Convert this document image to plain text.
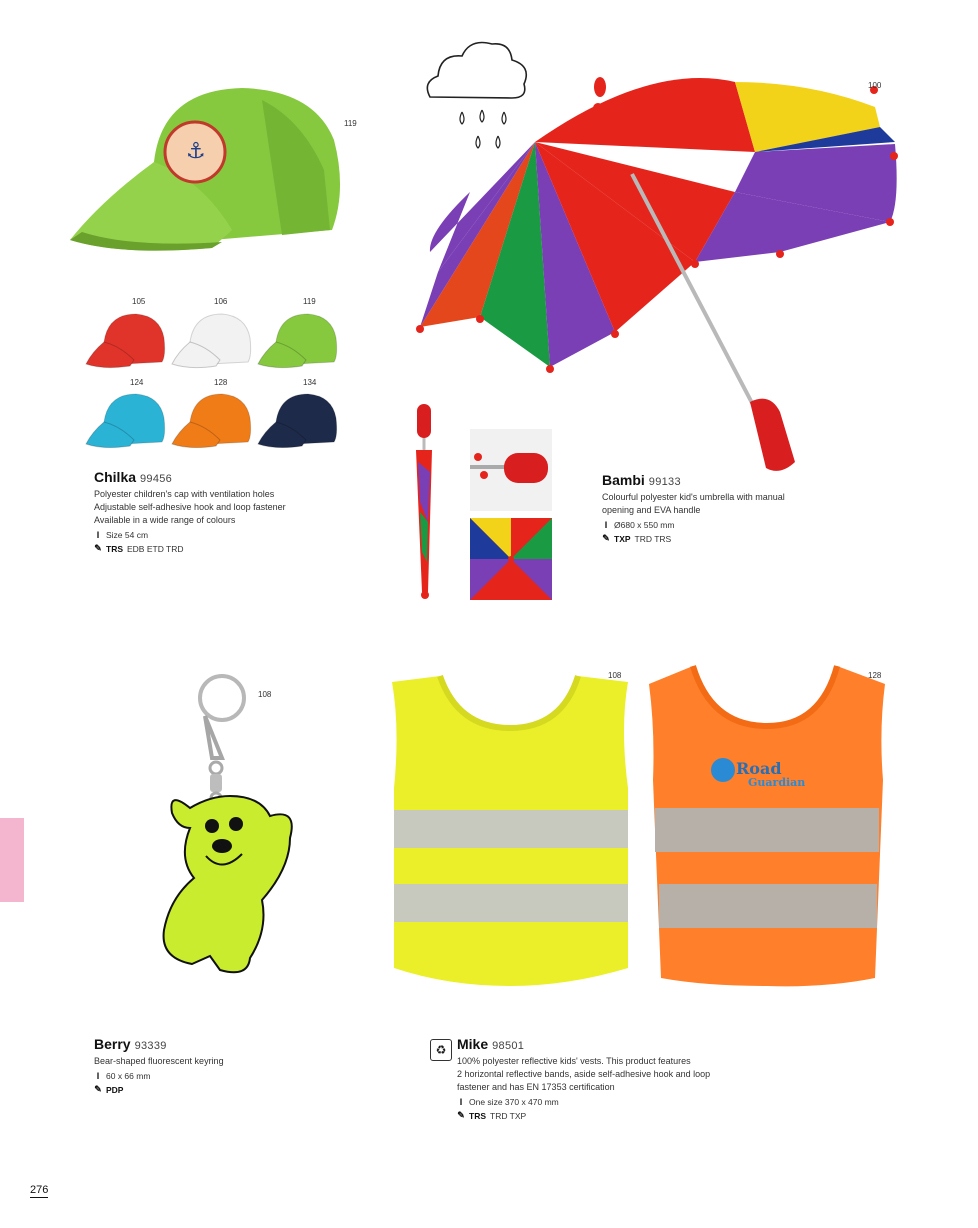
⚓
119
105	106	119
124	128	134
Chilka 99456
Polyester children's cap with ventilation holes
Adjustable self-adhesive hook and loop fastener
Available in a wide range of colours
Ι Size 54 cm
✎ TRS EDB ETD TRD
100
Bambi 99133
Colourful polyester kid's umbrella with manual
opening and EVA handle
Ι Ø680 x 550 mm
✎ TXP TRD TRS
108
Berry 93339
Bear-shaped fluorescent keyring
Ι 60 x 66 mm
✎ PDP
108
Road
Guardian
128
♻ Mike 98501
100% polyester reflective kids' vests. This product features
2 horizontal reflective bands, aside self-adhesive hook and loop
fastener and has EN 17353 certification
Ι One size 370 x 470 mm
✎ TRS TRD TXP
276
